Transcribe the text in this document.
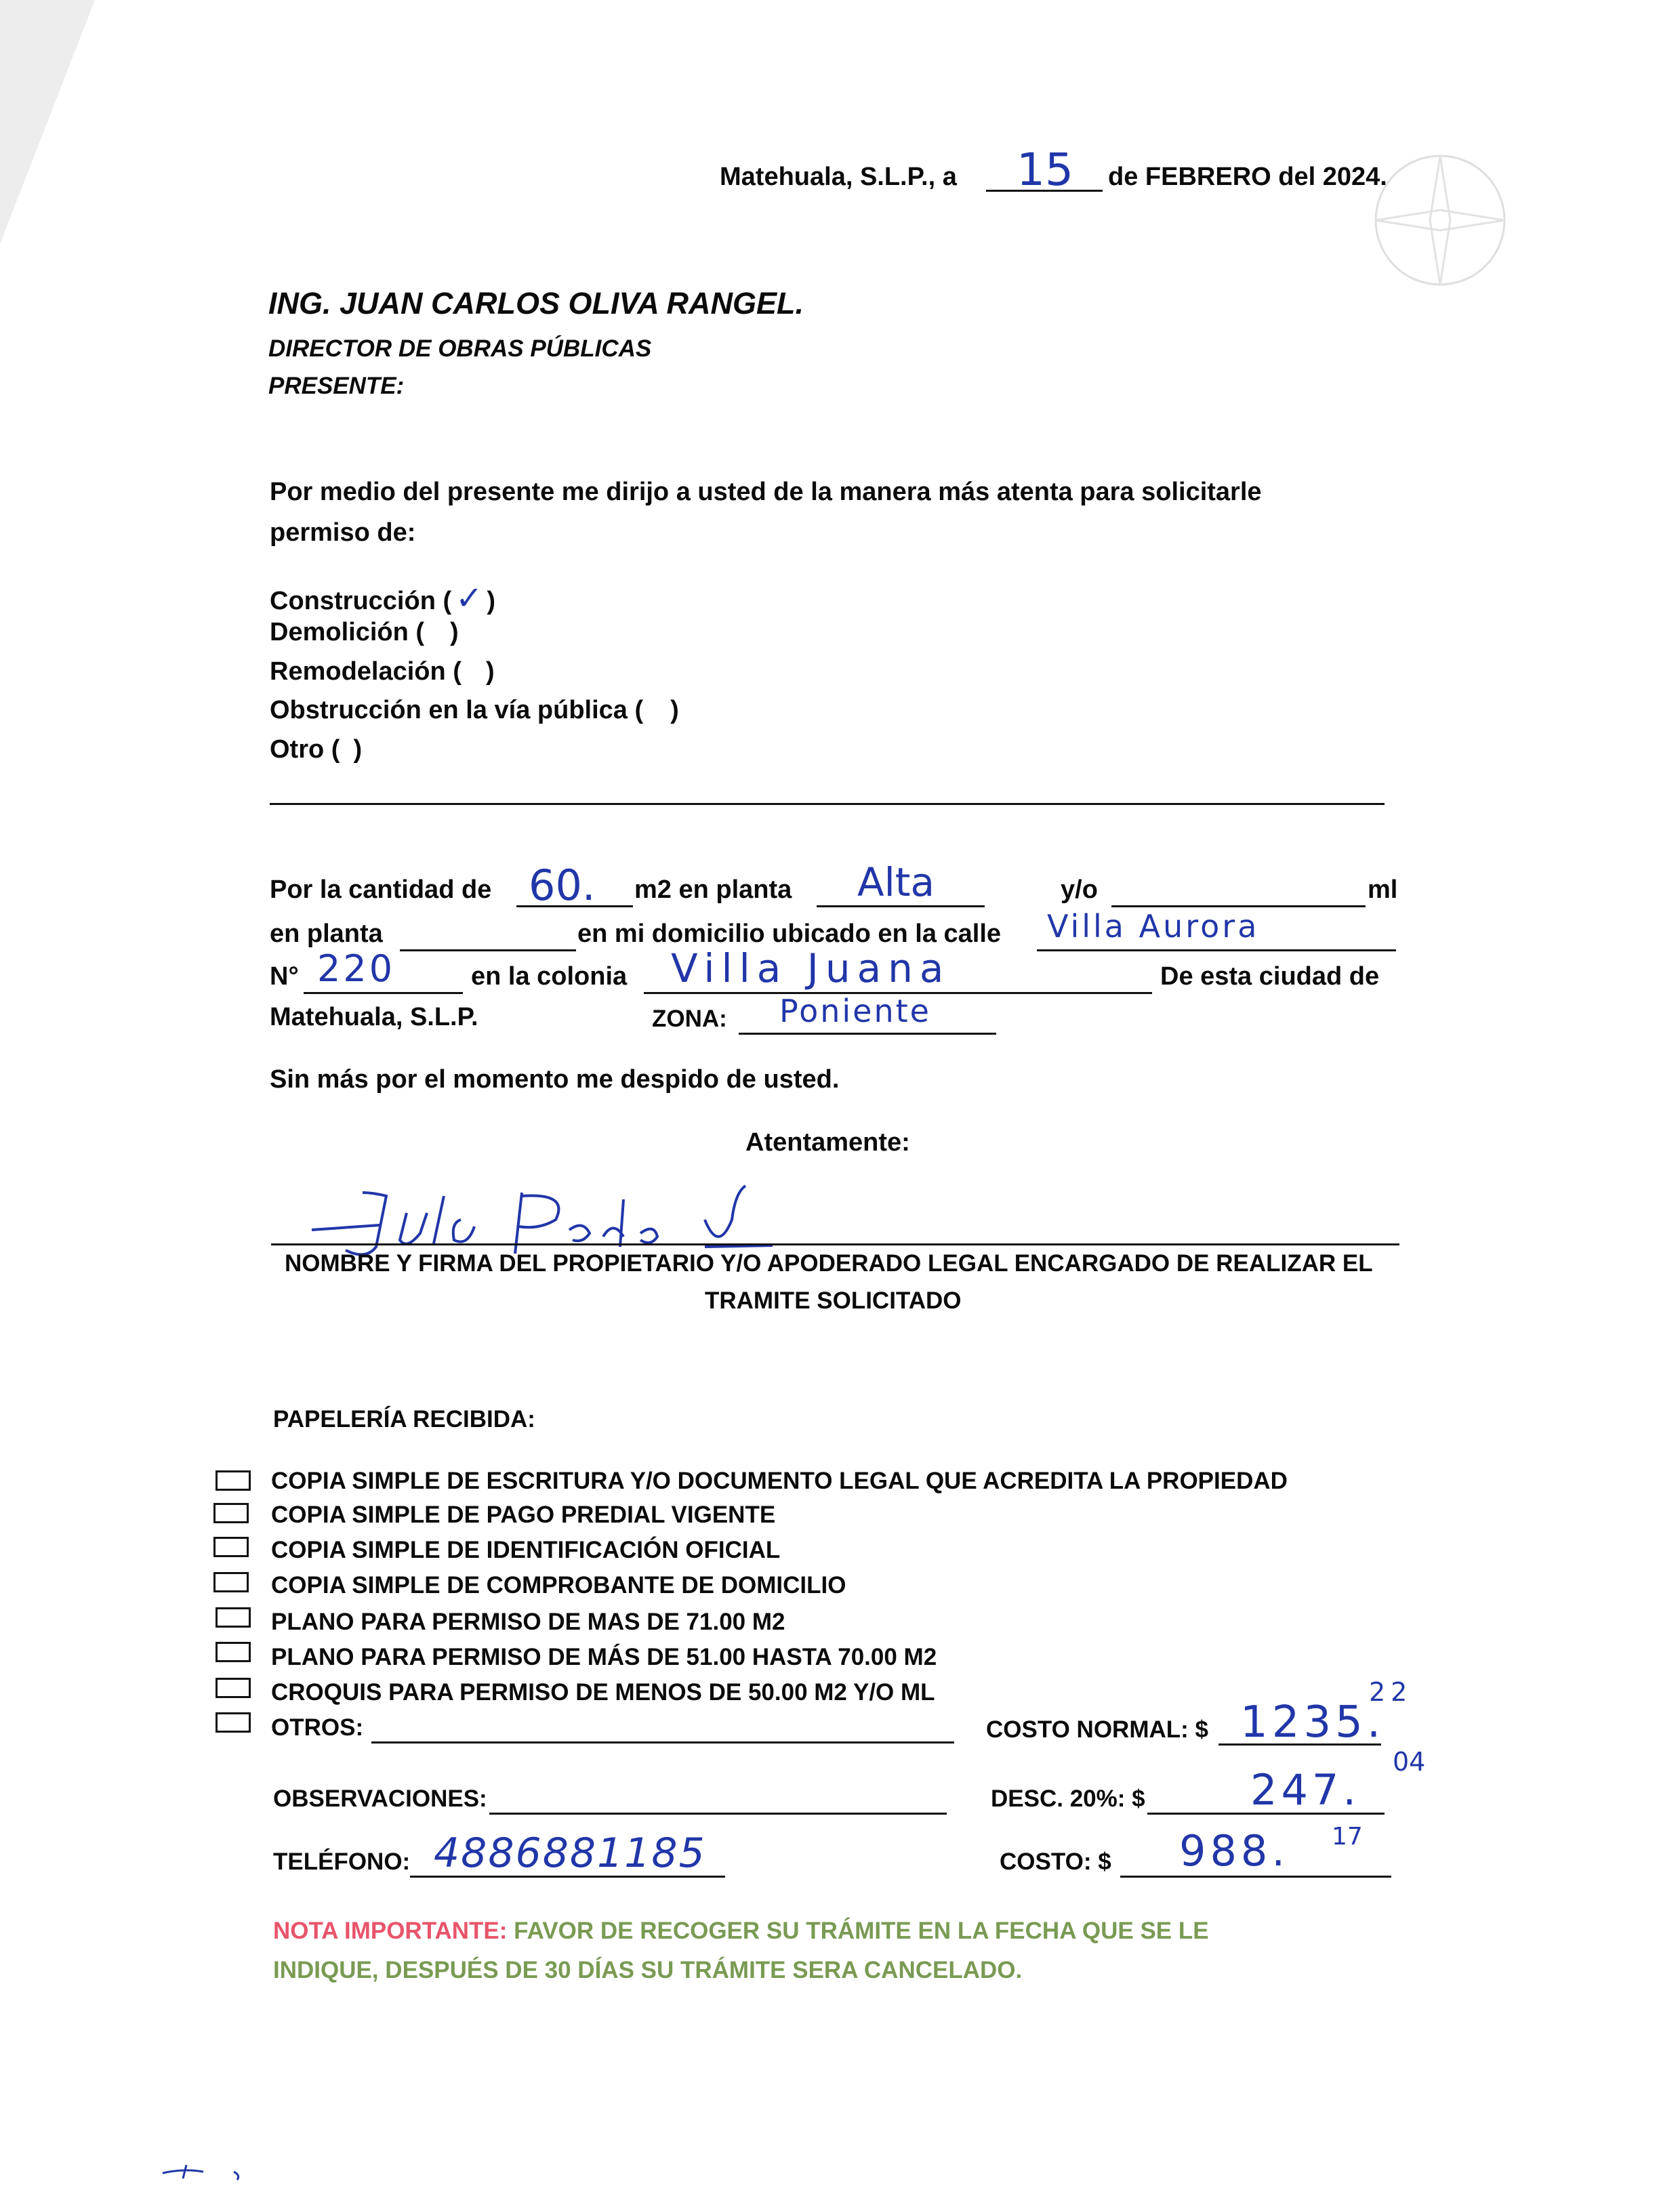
Matehuala, S.L.P., a 15 de FEBRERO del 2024.
ING. JUAN CARLOS OLIVA RANGEL.
DIRECTOR DE OBRAS PÚBLICAS
PRESENTE:
Por medio del presente me dirijo a usted de la manera más atenta para solicitarle
permiso de:
Construcción ( ✓ )
Demolición ( )
Remodelación ( )
Obstrucción en la vía pública ( )
Otro ( )
Por la cantidad de 60. m2 en planta Alta	y/o	ml
en planta	en mi domicilio ubicado en la calle Villa Aurora
N° 220	en la colonia Villa Juana	De esta ciudad de
Matehuala, S.L.P.	ZONA: Poniente
Sin más por el momento me despido de usted.
Atentamente:
NOMBRE Y FIRMA DEL PROPIETARIO Y/O APODERADO LEGAL ENCARGADO DE REALIZAR EL
TRAMITE SOLICITADO
PAPELERÍA RECIBIDA:
COPIA SIMPLE DE ESCRITURA Y/O DOCUMENTO LEGAL QUE ACREDITA LA PROPIEDAD
COPIA SIMPLE DE PAGO PREDIAL VIGENTE
COPIA SIMPLE DE IDENTIFICACIÓN OFICIAL
COPIA SIMPLE DE COMPROBANTE DE DOMICILIO
PLANO PARA PERMISO DE MAS DE 71.00 M2
PLANO PARA PERMISO DE MÁS DE 51.00 HASTA 70.00 M2
CROQUIS PARA PERMISO DE MENOS DE 50.00 M2 Y/O ML
OTROS:	COSTO NORMAL: $ 1235.
22
OBSERVACIONES:	DESC. 20%: $	247.
04
TELÉFONO: 4886881185	COSTO: $ 988. 17
NOTA IMPORTANTE: FAVOR DE RECOGER SU TRÁMITE EN LA FECHA QUE SE LE
INDIQUE, DESPUÉS DE 30 DÍAS SU TRÁMITE SERA CANCELADO.
